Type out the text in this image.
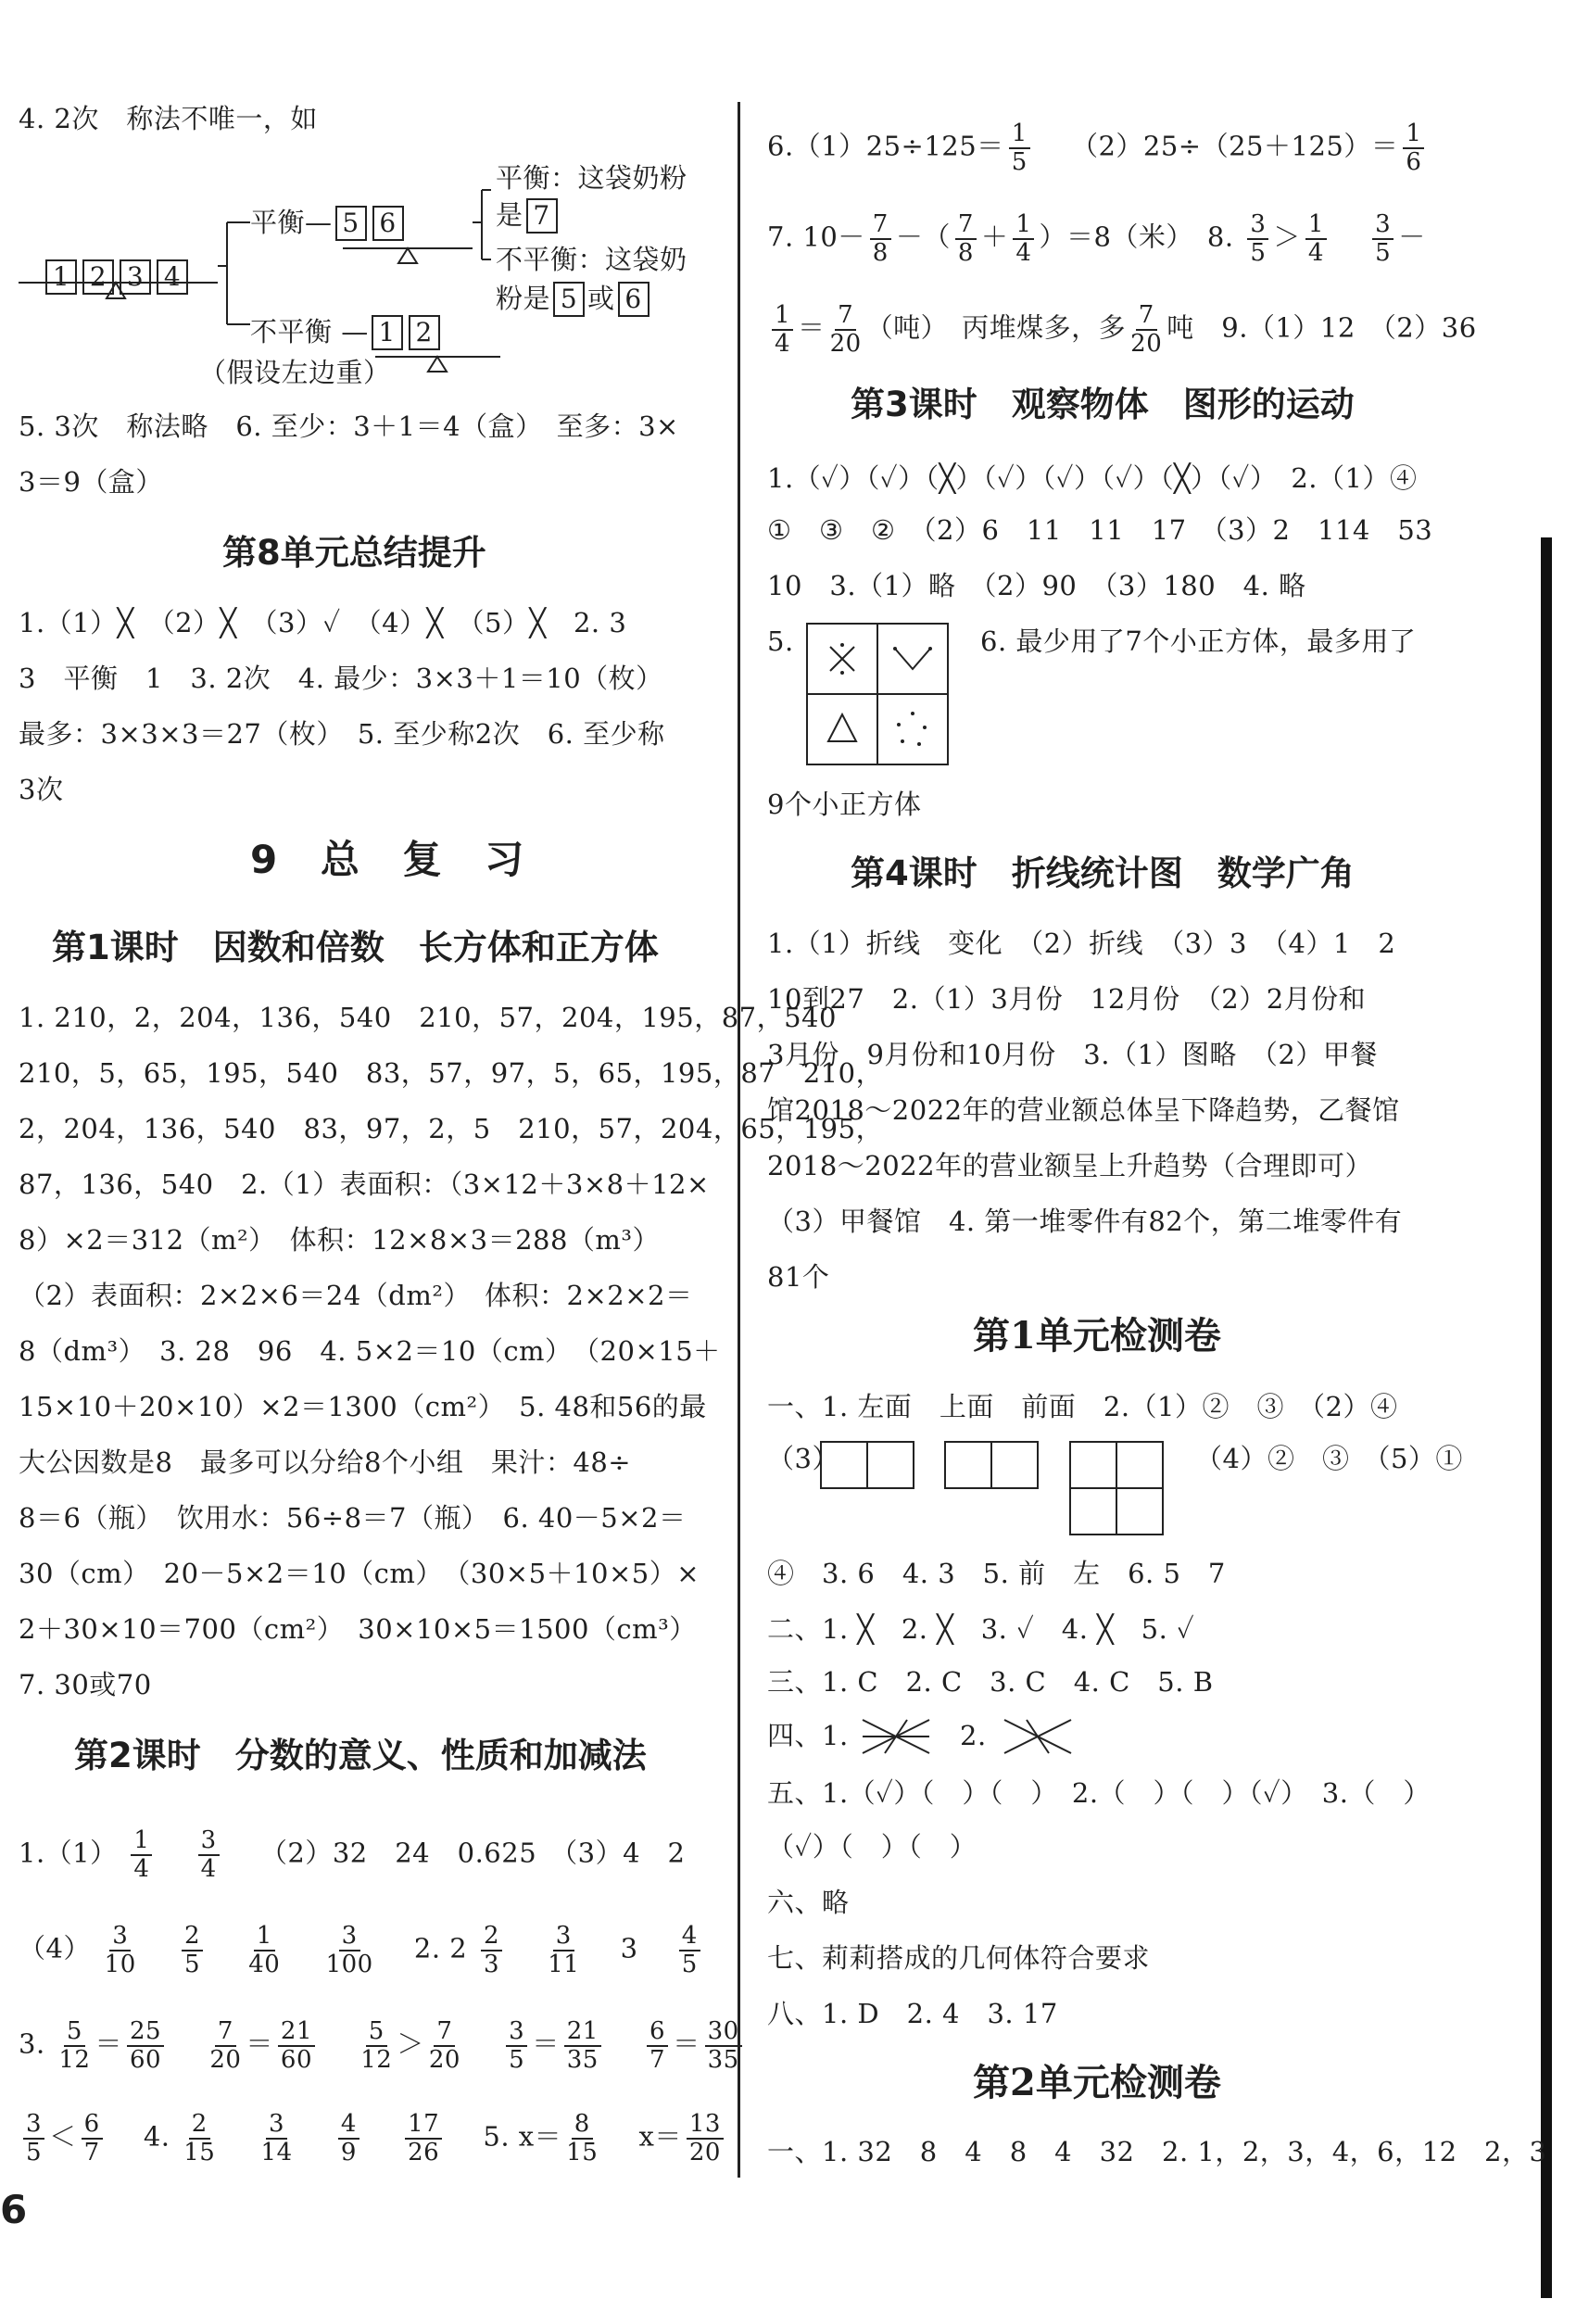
4. 2次　称法不唯一，如
1 2 3 4
平衡— 5 6
平衡：这袋奶粉
是 7
不平衡：这袋奶
粉是 5 或 6
不平衡 — 1 2
（假设左边重）
5. 3次　称法略　6. 至少：3＋1＝4（盒）　至多：3×
3＝9（盒）
第8单元总结提升
1.（1）╳　（2）╳　（3）✓　（4）╳　（5）╳　2. 3
3　平衡　1　3. 2次　4. 最少：3×3＋1＝10（枚）
最多：3×3×3＝27（枚）　5. 至少称2次　6. 至少称
3次
9 总 复 习
第1课时　因数和倍数　长方体和正方体
1. 210，2，204，136，540　210，57，204，195，87，540
210，5，65，195，540　83，57，97，5，65，195，87　210，
2，204，136，540　83，97，2，5　210，57，204，65，195，
87，136，540　2.（1）表面积：（3×12＋3×8＋12×
8）×2＝312（m²）　体积：12×8×3＝288（m³）
（2）表面积：2×2×6＝24（dm²）　体积：2×2×2＝
8（dm³）　3. 28　96　4. 5×2＝10（cm）　（20×15＋
15×10＋20×10）×2＝1300（cm²）　5. 48和56的最
大公因数是8　最多可以分给8个小组　果汁：48÷
8＝6（瓶）　饮用水：56÷8＝7（瓶）　6. 40－5×2＝
30（cm）　20－5×2＝10（cm）　（30×5＋10×5）×
2＋30×10＝700（cm²）　30×10×5＝1500（cm³）
7. 30或70
第2课时　分数的意义、性质和加减法
$1.(1) \frac{1}{4}$
　 $\frac{3}{4}$
　 （2）32　24　0.625　（3）4　2
$(4) \frac{3}{10}$
　 $\frac{2}{5}$
　 $\frac{1}{40}$
　 $\frac{3}{100}$
　 2. $2 \frac{2}{3}$
　 $\frac{3}{11}$
　 3　 $\frac{4}{5}$
3. $\frac{5}{12} = \frac{25}{60}$
　 $\frac{7}{20} = \frac{21}{60}$
　 $\frac{5}{12} > \frac{7}{20}$
　 $\frac{3}{5} = \frac{21}{35}$
　 $\frac{6}{7} = \frac{30}{35}$
$\frac{3}{5} < \frac{6}{7}$
　 4. $\frac{2}{15}$
　 $\frac{3}{14}$
　 $\frac{4}{9}$
　 $\frac{17}{26}$
　 5. $x= \frac{8}{15}$
　 $x= \frac{13}{20}$
6
$6.(1)25\div 125= \frac{1}{5}$
　 $(2)25\div(25+125)= \frac{1}{6}$
7. $10- \frac{7}{8}$ －（ $\frac{7}{8} + \frac{1}{4} )=8$（米）　8. $\frac{3}{5} > \frac{1}{4}$
　 $\frac{3}{5}$ －
$\frac{1}{4} = \frac{7}{20}$ （吨）　丙堆煤多，多 $\frac{7}{20}$ 吨　9.（1）12　（2）36
第3课时　观察物体　图形的运动
1.（✓）（✓）（╳）（✓）（✓）（✓）（╳）（✓）　2.（1）④
①　③　②　（2）6　11　11　17　（3）2　114　53
10　3.（1）略　（2）90　（3）180　4. 略
5.	6. 最少用了7个小正方体，最多用了
9个小正方体
第4课时　折线统计图　数学广角
1.（1）折线　变化　（2）折线　（3）3　（4）1　2
10到27　2.（1）3月份　12月份　（2）2月份和
3月份　9月份和10月份　3.（1）图略　（2）甲餐
馆2018～2022年的营业额总体呈下降趋势，乙餐馆
2018～2022年的营业额呈上升趋势（合理即可）
（3）甲餐馆　4. 第一堆零件有82个，第二堆零件有
81个
第1单元检测卷
一、1. 左面　上面　前面　2.（1）②　③　（2）④
（3）	（4）②　③　（5）①
④　3. 6　4. 3　5. 前　左　6. 5　7
二、1. ╳　2. ╳　3. ✓　4. ╳　5. ✓
三、1. C　2. C　3. C　4. C　5. B
四、1.	2.
五、1.（✓）（　）（　）　2.（　）（　）（✓）　3.（　）
（✓）（　）（　）
六、略
七、莉莉搭成的几何体符合要求
八、1. D　2. 4　3. 17
第2单元检测卷
一、1. 32　8　4　8　4　32　2. 1，2，3，4，6，12　2，3
